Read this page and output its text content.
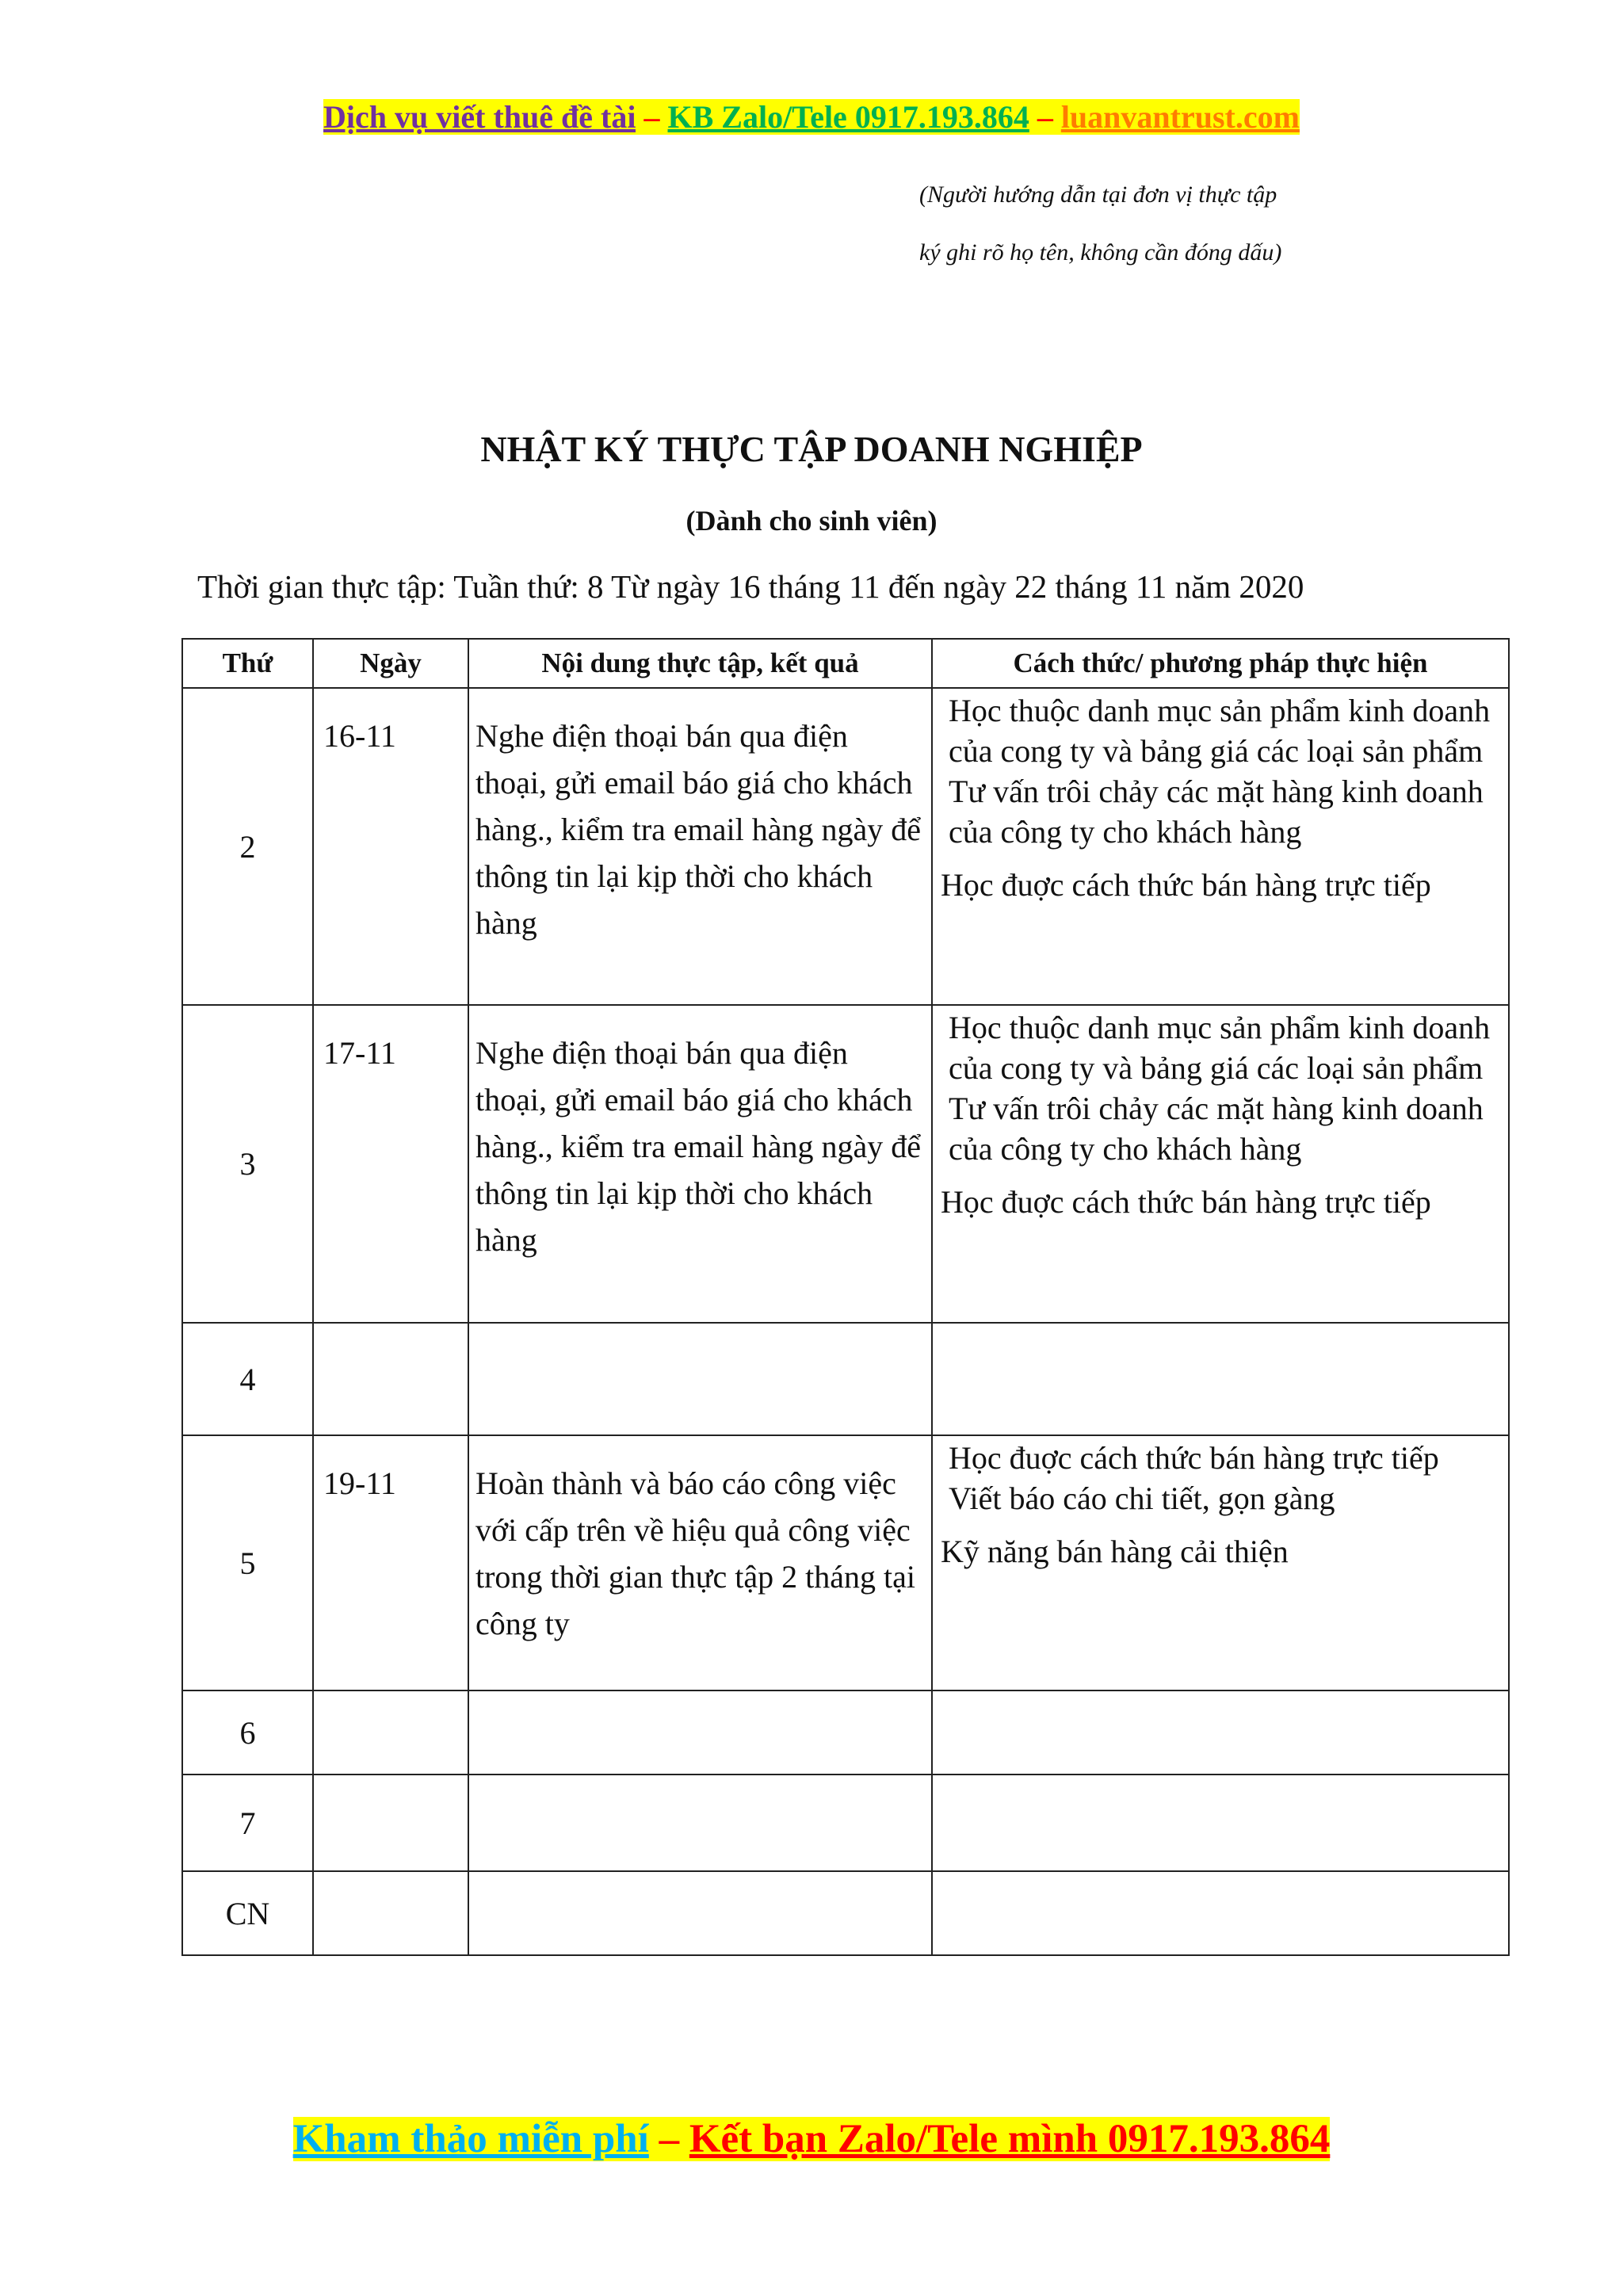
Dịch vụ viết thuê đề tài – KB Zalo/Tele 0917.193.864 – luanvantrust.com
(Người hướng dẫn tại đơn vị thực tập
ký ghi rõ họ tên, không cần đóng dấu)
NHẬT KÝ THỰC TẬP DOANH NGHIỆP
(Dành cho sinh viên)
Thời gian thực tập: Tuần thứ: 8 Từ ngày 16 tháng 11 đến ngày 22 tháng 11 năm 2020
Thứ	Ngày	Nội dung thực tập, kết quả	Cách thức/ phương pháp thực hiện
2	16-11	Nghe điện thoại bán qua điện thoại, gửi email báo giá cho khách hàng., kiểm tra email hàng ngày để thông tin lại kịp thời cho khách hàng	Học thuộc danh mục sản phẩm kinh doanh của cong ty và bảng giá các loại sản phẩm
Tư vấn trôi chảy các mặt hàng kinh doanh của công ty cho khách hàng
Học đuợc cách thức bán hàng trực tiếp

3	17-11	Nghe điện thoại bán qua điện thoại, gửi email báo giá cho khách hàng., kiểm tra email hàng ngày để thông tin lại kịp thời cho khách hàng	Học thuộc danh mục sản phẩm kinh doanh của cong ty và bảng giá các loại sản phẩm
Tư vấn trôi chảy các mặt hàng kinh doanh của công ty cho khách hàng
Học đuợc cách thức bán hàng trực tiếp

4			
5	19-11	Hoàn thành và báo cáo công việc với cấp trên về hiệu quả công việc trong thời gian thực tập 2 tháng tại công ty	Học đuợc cách thức bán hàng trực tiếp
Viết báo cáo chi tiết, gọn gàng
Kỹ năng bán hàng cải thiện

6			
7			
CN			
Kham thảo miễn phí – Kết bạn Zalo/Tele mình 0917.193.864
